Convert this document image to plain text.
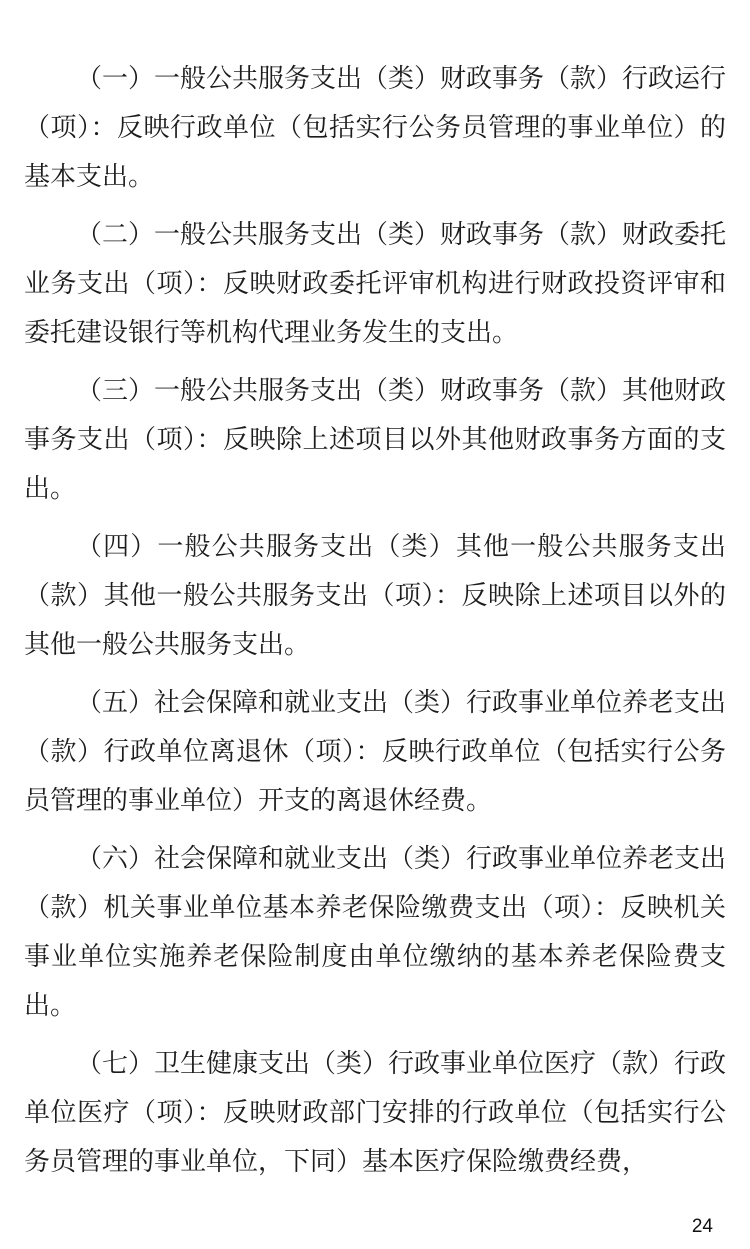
（一）一般公共服务支出（类）财政事务（款）行政运行（项）：反映行政单位（包括实行公务员管理的事业单位）的基本支出。

（二）一般公共服务支出（类）财政事务（款）财政委托业务支出（项）：反映财政委托评审机构进行财政投资评审和委托建设银行等机构代理业务发生的支出。

（三）一般公共服务支出（类）财政事务（款）其他财政事务支出（项）：反映除上述项目以外其他财政事务方面的支出。

（四）一般公共服务支出（类）其他一般公共服务支出（款）其他一般公共服务支出（项）：反映除上述项目以外的其他一般公共服务支出。

（五）社会保障和就业支出（类）行政事业单位养老支出（款）行政单位离退休（项）：反映行政单位（包括实行公务员管理的事业单位）开支的离退休经费。

（六）社会保障和就业支出（类）行政事业单位养老支出（款）机关事业单位基本养老保险缴费支出（项）：反映机关事业单位实施养老保险制度由单位缴纳的基本养老保险费支出。

（七）卫生健康支出（类）行政事业单位医疗（款）行政单位医疗（项）：反映财政部门安排的行政单位（包括实行公务员管理的事业单位，下同）基本医疗保险缴费经费，

24
